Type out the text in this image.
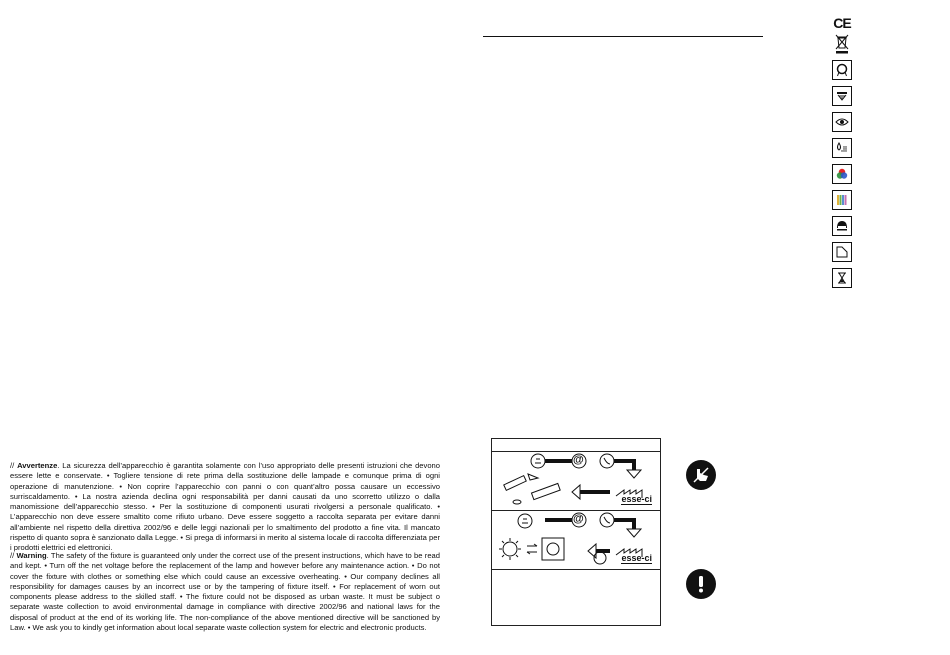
CE
// Avvertenze. La sicurezza dell’apparecchio è garantita solamente con l’uso appropriato delle presenti istruzioni che devono essere lette e conservate. • Togliere tensione di rete prima della sostituzione delle lampade e comunque prima di ogni operazione di manutenzione. • Non coprire l’apparecchio con panni o con quant’altro possa causare un eccessivo surriscaldamento. • La nostra azienda declina ogni responsabilità per danni causati da uno scorretto utilizzo o dalla manomissione dell’apparecchio stesso. • Per la sostituzione di componenti usurati rivolgersi a personale qualificato. • L’apparecchio non deve essere smaltito come rifiuto urbano. Deve essere soggetto a raccolta separata per evitare danni all’ambiente nel rispetto della direttiva 2002/96 e delle leggi nazionali per lo smaltimento del prodotto a fine vita. Il mancato rispetto di quanto sopra è sanzionato dalla Legge. • Si prega di informarsi in merito al sistema locale di raccolta differenziata per i prodotti elettrici ed elettronici.
// Warning. The safety of the fixture is guaranteed only under the correct use of the present instructions, which have to be read and kept. • Turn off the net voltage before the replacement of the lamp and however before any maintenance action. • Do not cover the fixture with clothes or something else which could cause an excessive overheating. • Our company declines all responsibility for damages causes by an incorrect use or by the tampering of fixture itself. • For replacement of worn out components please address to the skilled staff. • The fixture could not be disposed as urban waste. It must be subject o separate waste collection to avoid environmental damage in compliance with directive 2002/96 and national laws for the disposal of product at the end of its working life. The non-compliance of the above mentioned directive will be sanctioned by Law. • We ask you to kindly get information about local separate waste collection system for electric and electronic products.
esse-ci
@
esse-ci
@
